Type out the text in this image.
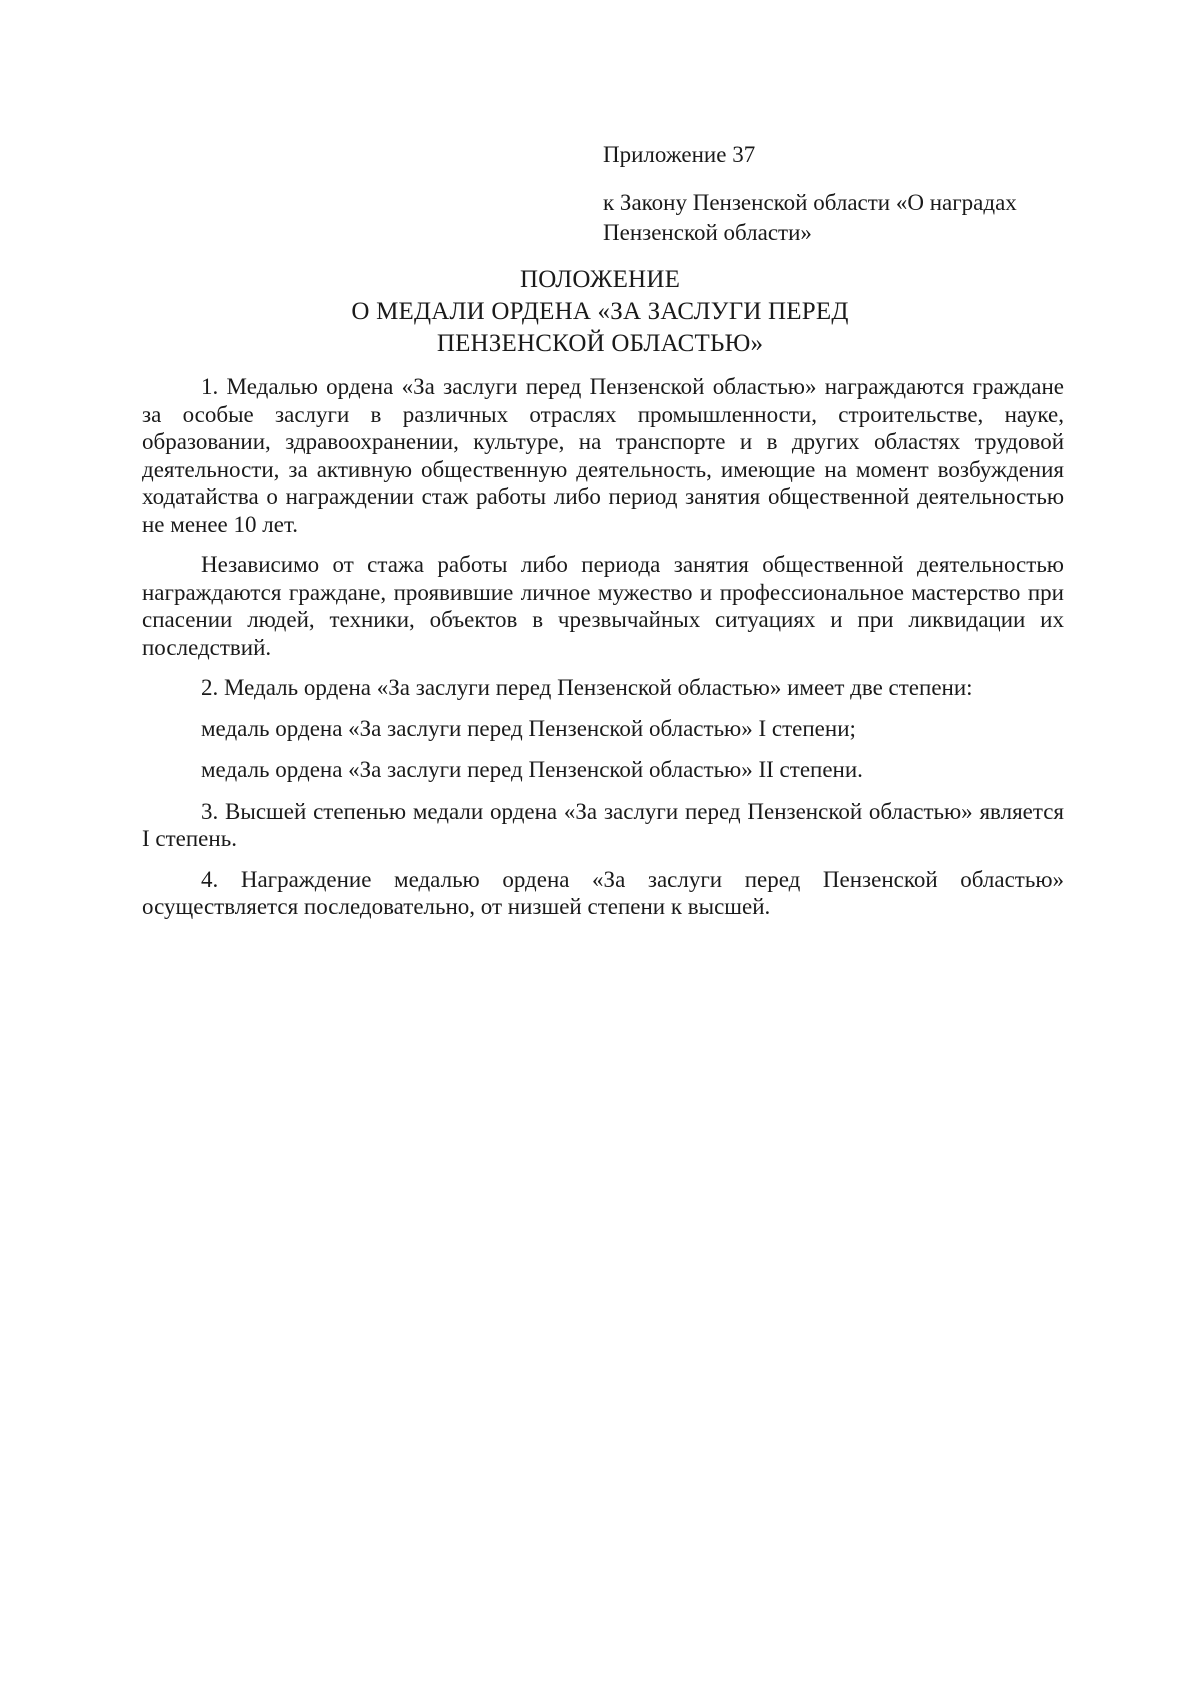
Приложение 37

к Закону Пензенской области «О наградах Пензенской области»

ПОЛОЖЕНИЕ
О МЕДАЛИ ОРДЕНА «ЗА ЗАСЛУГИ ПЕРЕД
ПЕНЗЕНСКОЙ ОБЛАСТЬЮ»

1. Медалью ордена «За заслуги перед Пензенской областью» награждаются граждане за особые заслуги в различных отраслях промышленности, строительстве, науке, образовании, здравоохранении, культуре, на транспорте и в других областях трудовой деятельности, за активную общественную деятельность, имеющие на момент возбуждения ходатайства о награждении стаж работы либо период занятия общественной деятельностью не менее 10 лет.

Независимо от стажа работы либо периода занятия общественной деятельностью награждаются граждане, проявившие личное мужество и профессиональное мастерство при спасении людей, техники, объектов в чрезвычайных ситуациях и при ликвидации их последствий.

2. Медаль ордена «За заслуги перед Пензенской областью» имеет две степени:

медаль ордена «За заслуги перед Пензенской областью» I степени;

медаль ордена «За заслуги перед Пензенской областью» II степени.

3. Высшей степенью медали ордена «За заслуги перед Пензенской областью» является I степень.

4. Награждение медалью ордена «За заслуги перед Пензенской областью» осуществляется последовательно, от низшей степени к высшей.
